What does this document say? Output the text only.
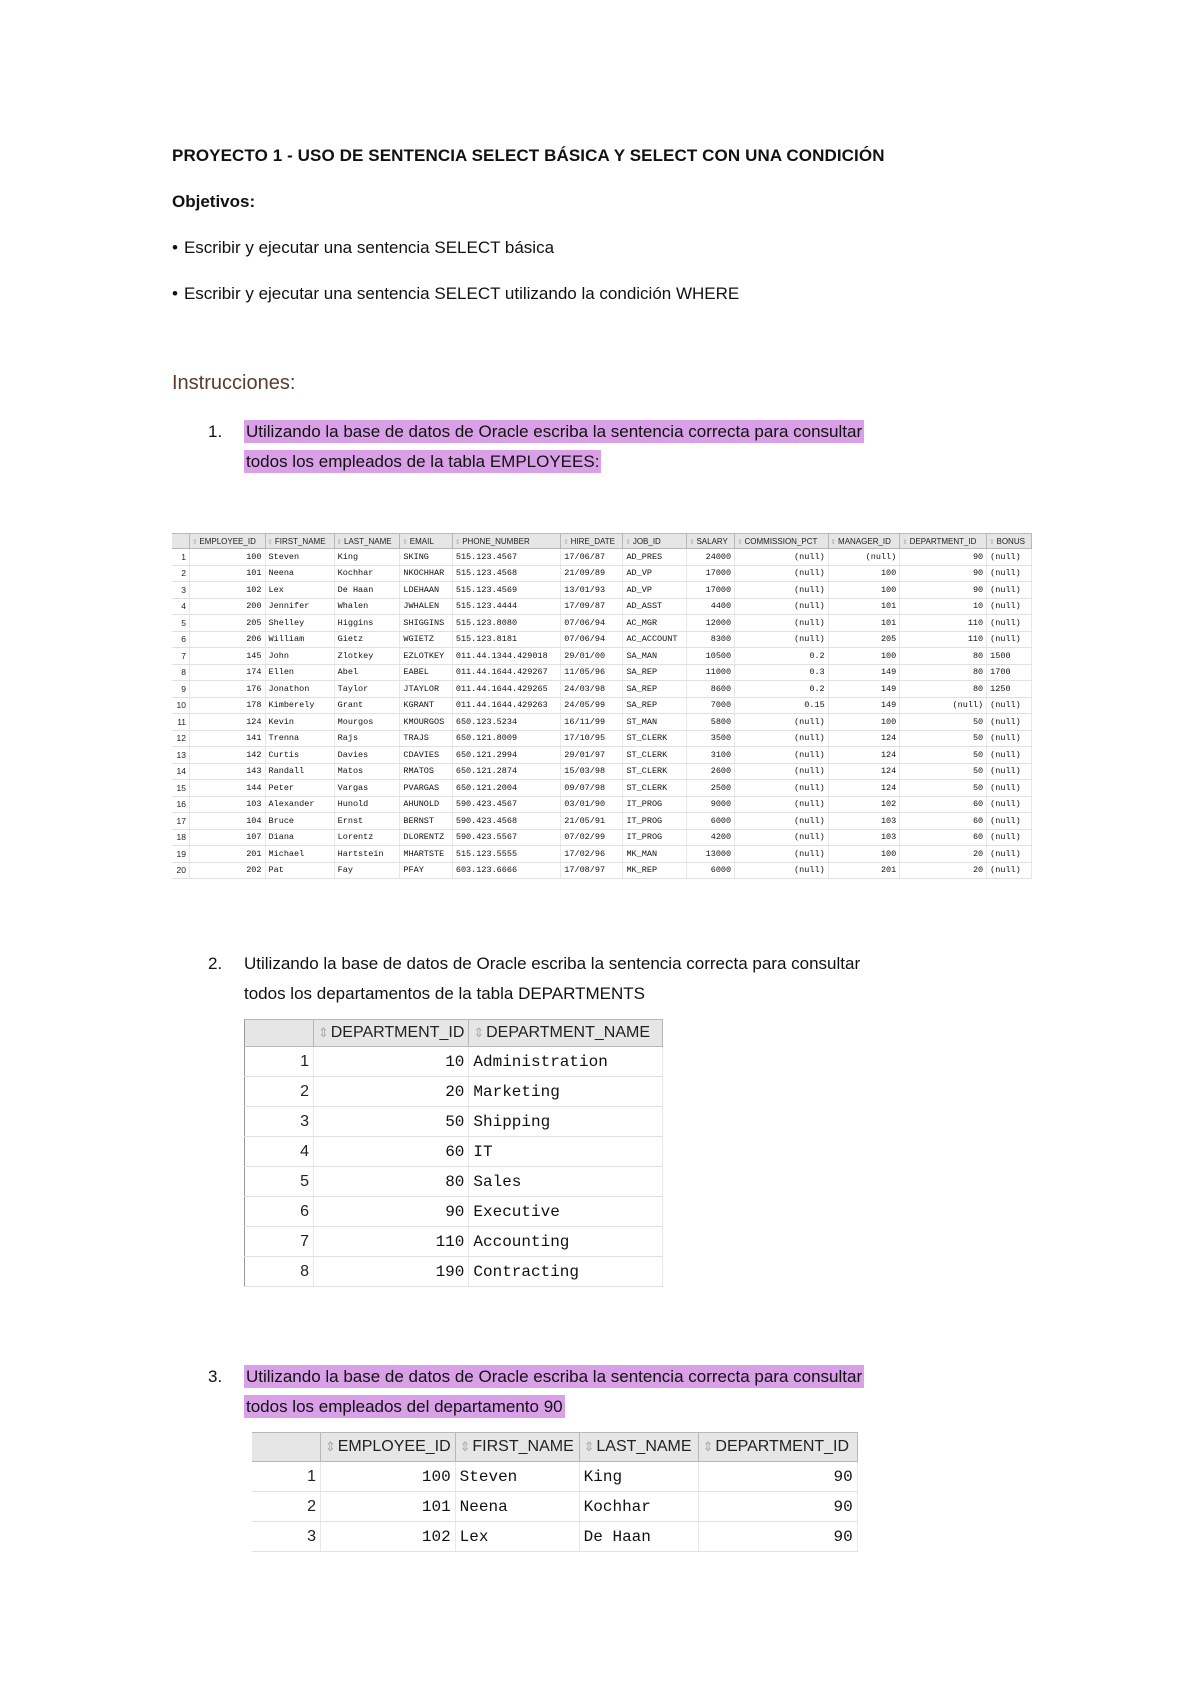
PROYECTO 1 - USO DE SENTENCIA SELECT BÁSICA Y SELECT CON UNA CONDICIÓN

Objetivos:

• Escribir y ejecutar una sentencia SELECT básica

• Escribir y ejecutar una sentencia SELECT utilizando la condición WHERE

Instrucciones:
1. Utilizando la base de datos de Oracle escriba la sentencia correcta para consultar
todos los empleados de la tabla EMPLOYEES:
	⇕ EMPLOYEE_ID	⇕ FIRST_NAME	⇕ LAST_NAME	⇕ EMAIL	⇕ PHONE_NUMBER	⇕ HIRE_DATE	⇕ JOB_ID	⇕ SALARY	⇕ COMMISSION_PCT	⇕ MANAGER_ID	⇕ DEPARTMENT_ID	⇕ BONUS
1	100	Steven	King	SKING	515.123.4567	17/06/87	AD_PRES	24000	(null)	(null)	90	(null)
2	101	Neena	Kochhar	NKOCHHAR	515.123.4568	21/09/89	AD_VP	17000	(null)	100	90	(null)
3	102	Lex	De Haan	LDEHAAN	515.123.4569	13/01/93	AD_VP	17000	(null)	100	90	(null)
4	200	Jennifer	Whalen	JWHALEN	515.123.4444	17/09/87	AD_ASST	4400	(null)	101	10	(null)
5	205	Shelley	Higgins	SHIGGINS	515.123.8080	07/06/94	AC_MGR	12000	(null)	101	110	(null)
6	206	William	Gietz	WGIETZ	515.123.8181	07/06/94	AC_ACCOUNT	8300	(null)	205	110	(null)
7	145	John	Zlotkey	EZLOTKEY	011.44.1344.429018	29/01/00	SA_MAN	10500	0.2	100	80	1500
8	174	Ellen	Abel	EABEL	011.44.1644.429267	11/05/96	SA_REP	11000	0.3	149	80	1700
9	176	Jonathon	Taylor	JTAYLOR	011.44.1644.429265	24/03/98	SA_REP	8600	0.2	149	80	1250
10	178	Kimberely	Grant	KGRANT	011.44.1644.429263	24/05/99	SA_REP	7000	0.15	149	(null)	(null)
11	124	Kevin	Mourgos	KMOURGOS	650.123.5234	16/11/99	ST_MAN	5800	(null)	100	50	(null)
12	141	Trenna	Rajs	TRAJS	650.121.8009	17/10/95	ST_CLERK	3500	(null)	124	50	(null)
13	142	Curtis	Davies	CDAVIES	650.121.2994	29/01/97	ST_CLERK	3100	(null)	124	50	(null)
14	143	Randall	Matos	RMATOS	650.121.2874	15/03/98	ST_CLERK	2600	(null)	124	50	(null)
15	144	Peter	Vargas	PVARGAS	650.121.2004	09/07/98	ST_CLERK	2500	(null)	124	50	(null)
16	103	Alexander	Hunold	AHUNOLD	590.423.4567	03/01/90	IT_PROG	9000	(null)	102	60	(null)
17	104	Bruce	Ernst	BERNST	590.423.4568	21/05/91	IT_PROG	6000	(null)	103	60	(null)
18	107	Diana	Lorentz	DLORENTZ	590.423.5567	07/02/99	IT_PROG	4200	(null)	103	60	(null)
19	201	Michael	Hartstein	MHARTSTE	515.123.5555	17/02/96	MK_MAN	13000	(null)	100	20	(null)
20	202	Pat	Fay	PFAY	603.123.6666	17/08/97	MK_REP	6000	(null)	201	20	(null)
2. Utilizando la base de datos de Oracle escriba la sentencia correcta para consultar
todos los departamentos de la tabla DEPARTMENTS
	⇕ DEPARTMENT_ID	⇕ DEPARTMENT_NAME
1	10	Administration
2	20	Marketing
3	50	Shipping
4	60	IT
5	80	Sales
6	90	Executive
7	110	Accounting
8	190	Contracting
3. Utilizando la base de datos de Oracle escriba la sentencia correcta para consultar
todos los empleados del departamento 90
	⇕ EMPLOYEE_ID	⇕ FIRST_NAME	⇕ LAST_NAME	⇕ DEPARTMENT_ID
1	100	Steven	King	90
2	101	Neena	Kochhar	90
3	102	Lex	De Haan	90
